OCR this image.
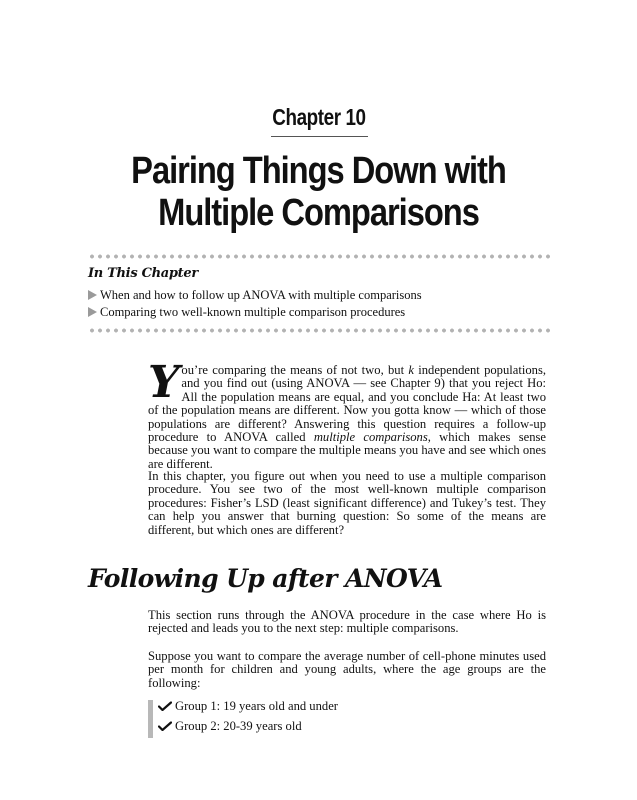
Chapter 10
Pairing Things Down with
Multiple Comparisons
In This Chapter
When and how to follow up ANOVA with multiple comparisons
Comparing two well-known multiple comparison procedures
You’re comparing the means of not two, but k independent populations, and you find out (using ANOVA — see Chapter 9) that you reject Ho: All the population means are equal, and you conclude Ha: At least two of the population means are different. Now you gotta know — which of those populations are different? Answering this question requires a follow-up procedure to ANOVA called multiple comparisons, which makes sense because you want to compare the multiple means you have and see which ones are different.
In this chapter, you figure out when you need to use a multiple comparison procedure. You see two of the most well-known multiple comparison procedures: Fisher’s LSD (least significant difference) and Tukey’s test. They can help you answer that burning question: So some of the means are different, but which ones are different?
Following Up after ANOVA
This section runs through the ANOVA procedure in the case where Ho is rejected and leads you to the next step: multiple comparisons.
Suppose you want to compare the average number of cell-phone minutes used per month for children and young adults, where the age groups are the following:
Group 1: 19 years old and under
Group 2: 20-39 years old
